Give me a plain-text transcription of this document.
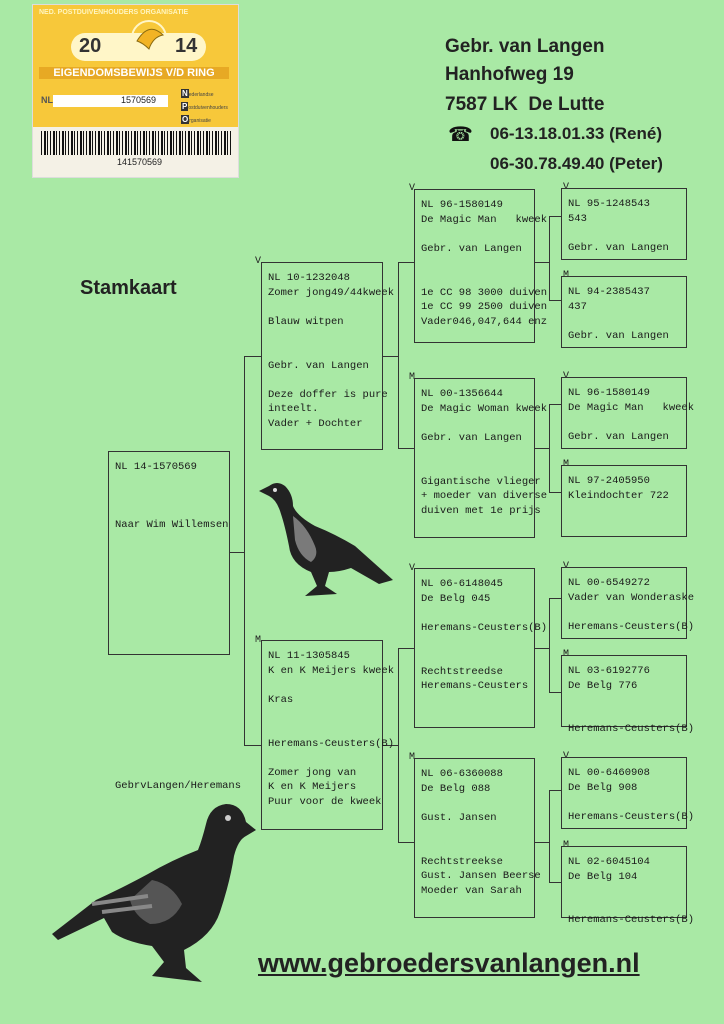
NED. POSTDUIVENHOUDERS ORGANISATIE
20	14
EIGENDOMSBEWIJS V/D RING
NL	1570569
Nederlandse
Postduivenhouders
Organisatie
141570569
Gebr. van Langen
Hanhofweg 19
7587 LK  De Lutte
☎ 06-13.18.01.33 (René)
06-30.78.49.40 (Peter)
Stamkaart
NL 14-1570569
Naar Wim Willemsen
GebrvLangen/Heremans
V
NL 10-1232048
Zomer jong49/44kweek
Blauw witpen
Gebr. van Langen
Deze doffer is pure
inteelt.
Vader + Dochter
M
NL 11-1305845
K en K Meijers kweek
Kras
Heremans-Ceusters(B)
Zomer jong van
K en K Meijers
Puur voor de kweek
V
NL 96-1580149
De Magic Man   kweek
Gebr. van Langen
1e CC 98 3000 duiven
1e CC 99 2500 duiven
Vader046,047,644 enz
M
NL 00-1356644
De Magic Woman kweek
Gebr. van Langen
Gigantische vlieger
+ moeder van diverse
duiven met 1e prijs
V
NL 06-6148045
De Belg 045
Heremans-Ceusters(B)
Rechtstreedse
Heremans-Ceusters
M
NL 06-6360088
De Belg 088
Gust. Jansen
Rechtstreekse
Gust. Jansen Beerse
Moeder van Sarah
V
NL 95-1248543
543
Gebr. van Langen
M
NL 94-2385437
437
Gebr. van Langen
V
NL 96-1580149
De Magic Man   kweek
Gebr. van Langen
M
NL 97-2405950
Kleindochter 722
V
NL 00-6549272
Vader van Wonderaske
Heremans-Ceusters(B)
M
NL 03-6192776
De Belg 776
Heremans-Ceusters(B)
V
NL 00-6460908
De Belg 908
Heremans-Ceusters(B)
M
NL 02-6045104
De Belg 104
Heremans-Ceusters(B)
www.gebroedersvanlangen.nl
